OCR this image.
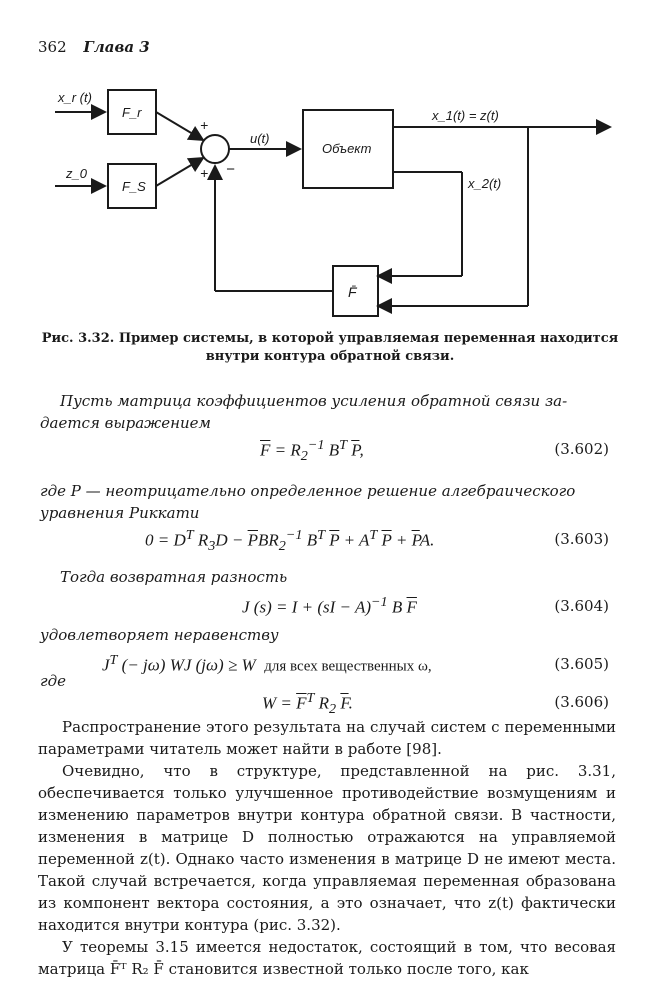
362 Глава 3
x_r (t)
z_0
F_r
F_S
+
+ −
u(t)
Объект
x_1(t) = z(t)
x_2(t)
F̄
Рис. 3.32. Пример системы, в которой управляемая переменная находится внутри контура обратной связи.
Пусть матрица коэффициентов усиления обратной связи за-
дается выражением
$\overline{F} = R_2^{-1}$ $B^T$ $\overline{P}$,	(3.602)
где P — неотрицательно определенное решение алгебраического
уравнения Риккати
$0 = D^T$ $R_3D - \overline{P}BR_2^{-1}$ $B^T$ $\overline{P} + A^T$ $\overline{P} + \overline{P}A$.	(3.603)
Тогда возвратная разность
J (s) = I + (sI − A)$^{-1}$ B $\overline{F}$	(3.604)
удовлетворяет неравенству
$J^T$ (− jω) WJ (jω) ≥ W  для всех вещественных ω,	(3.605)
где
$W = \overline{F}^T$ $R_2$ $\overline{F}$.	(3.606)

Распространение этого результата на случай систем с переменными параметрами читатель может найти в работе [98].

Очевидно, что в структуре, представленной на рис. 3.31, обеспечивается только улучшенное противодействие возмущениям и изменению параметров внутри контура обратной связи. В частности, изменения в матрице D полностью отражаются на управляемой переменной z(t). Однако часто изменения в матрице D не имеют места. Такой случай встречается, когда управляемая переменная образована из компонент вектора состояния, а это означает, что z(t) фактически находится внутри контура (рис. 3.32).

У теоремы 3.15 имеется недостаток, состоящий в том, что весовая матрица F̄ᵀ R₂ F̄ становится известной только после того, как
